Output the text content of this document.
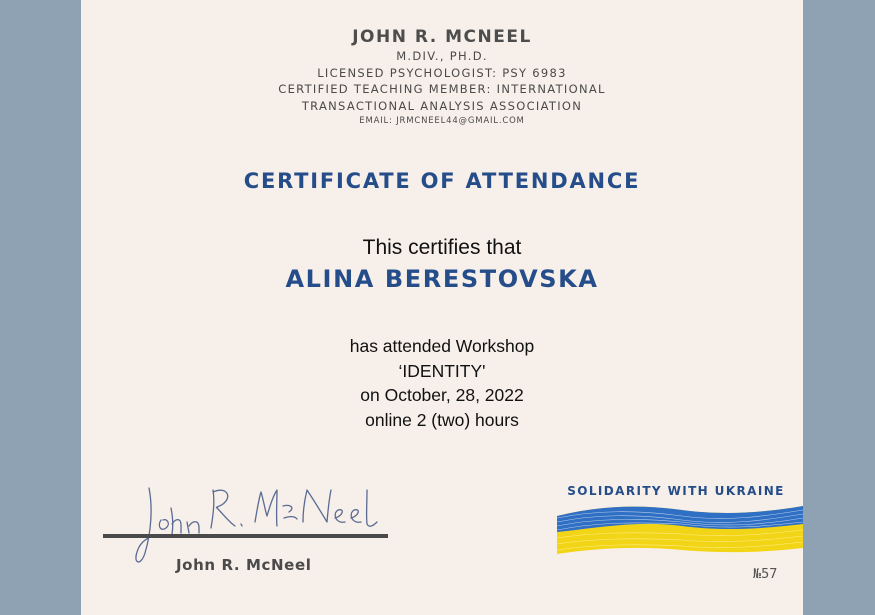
JOHN R. MCNEEL
M.DIV., PH.D.
LICENSED PSYCHOLOGIST: PSY 6983
CERTIFIED TEACHING MEMBER: INTERNATIONAL
TRANSACTIONAL ANALYSIS ASSOCIATION
EMAIL: JRMCNEEL44@GMAIL.COM
CERTIFICATE OF ATTENDANCE
This certifies that
ALINA BERESTOVSKA
has attended Workshop
‘IDENTITY'
on October, 28, 2022
online 2 (two) hours
John R. McNeel
SOLIDARITY WITH UKRAINE
№57
